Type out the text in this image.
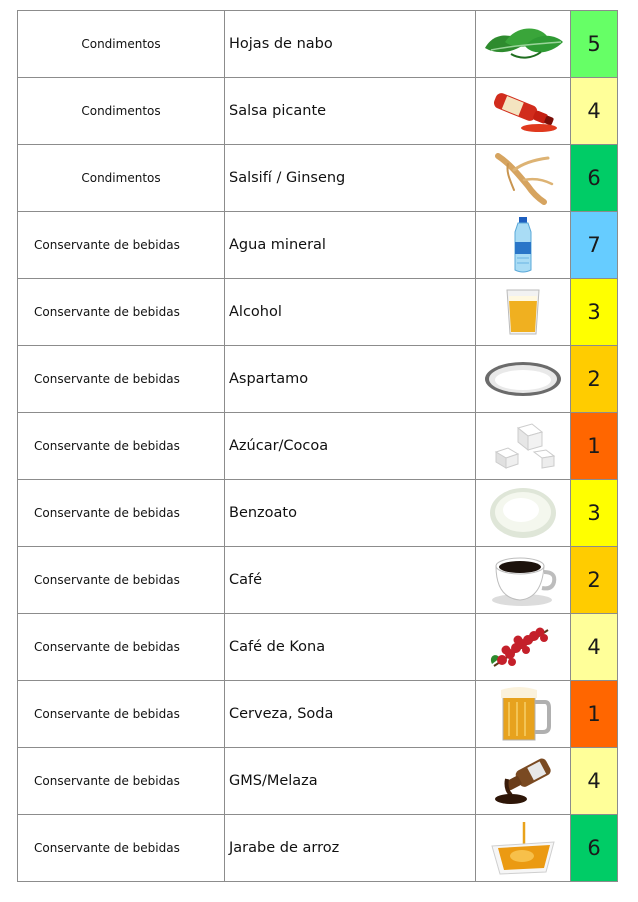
Condimentos	Hojas de nabo		5
Condimentos	Salsa picante		4
Condimentos	Salsifí / Ginseng		6
Conservante de bebidas	Agua mineral		7
Conservante de bebidas	Alcohol		3
Conservante de bebidas	Aspartamo		2
Conservante de bebidas	Azúcar/Cocoa		1
Conservante de bebidas	Benzoato		3
Conservante de bebidas	Café		2
Conservante de bebidas	Café de Kona		4
Conservante de bebidas	Cerveza, Soda		1
Conservante de bebidas	GMS/Melaza		4
Conservante de bebidas	Jarabe de arroz		6
